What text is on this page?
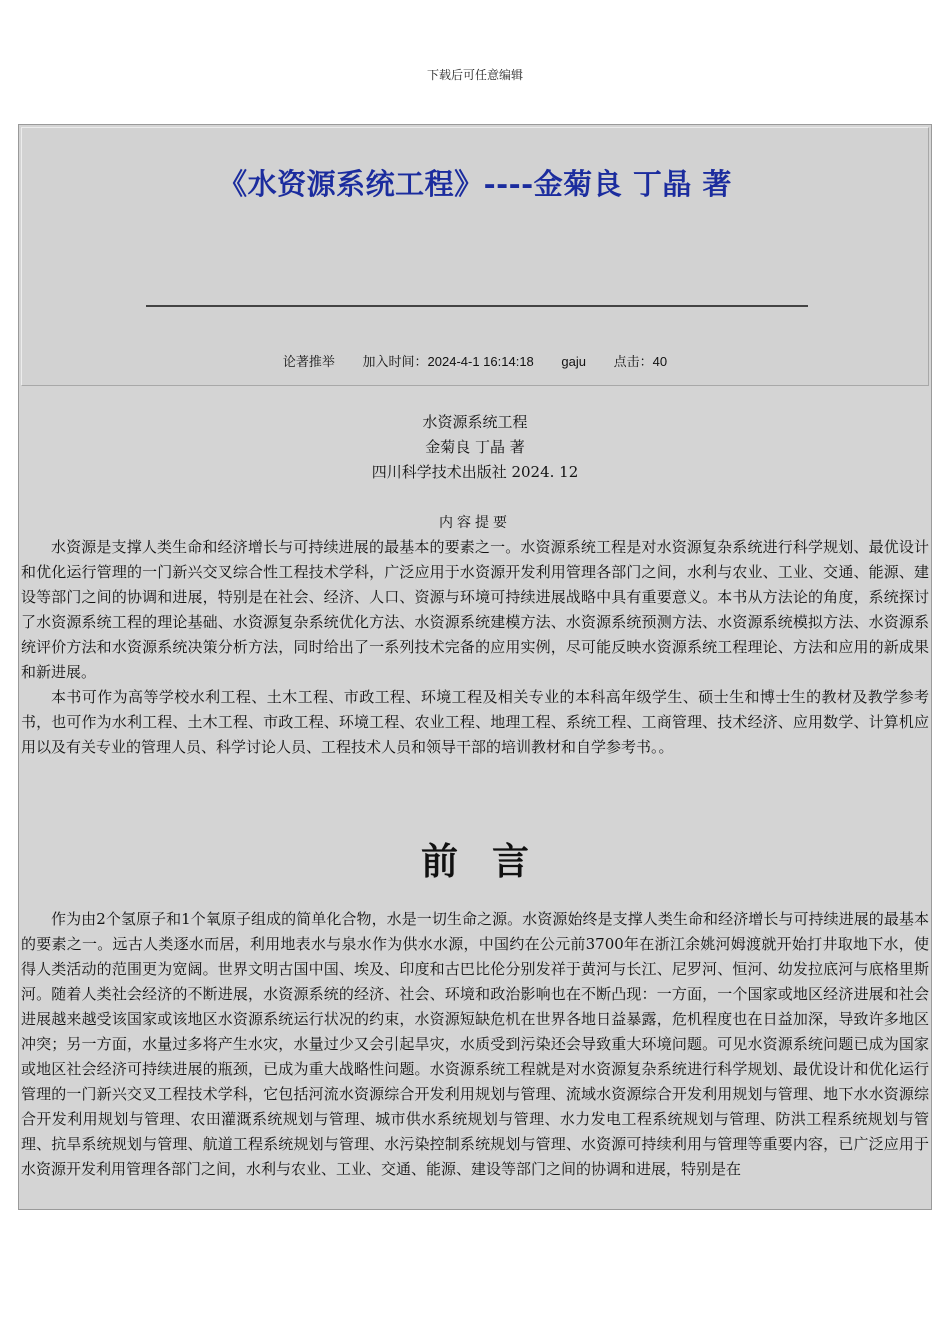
下载后可任意编辑
《水资源系统工程》----金菊良 丁晶 著
论著推举 加入时间：2024-4-1 16:14:18 gaju 点击：40
水资源系统工程
金菊良 丁晶 著
四川科学技术出版社 2024. 12
内容提要

水资源是支撑人类生命和经济增长与可持续进展的最基本的要素之一。水资源系统工程是对水资源复杂系统进行科学规划、最优设计和优化运行管理的一门新兴交叉综合性工程技术学科，广泛应用于水资源开发利用管理各部门之间，水利与农业、工业、交通、能源、建设等部门之间的协调和进展，特别是在社会、经济、人口、资源与环境可持续进展战略中具有重要意义。本书从方法论的角度，系统探讨了水资源系统工程的理论基础、水资源复杂系统优化方法、水资源系统建模方法、水资源系统预测方法、水资源系统模拟方法、水资源系统评价方法和水资源系统决策分析方法，同时给出了一系列技术完备的应用实例，尽可能反映水资源系统工程理论、方法和应用的新成果和新进展。

本书可作为高等学校水利工程、土木工程、市政工程、环境工程及相关专业的本科高年级学生、硕士生和博士生的教材及教学参考书，也可作为水利工程、土木工程、市政工程、环境工程、农业工程、地理工程、系统工程、工商管理、技术经济、应用数学、计算机应用以及有关专业的管理人员、科学讨论人员、工程技术人员和领导干部的培训教材和自学参考书。。

前言

作为由2个氢原子和1个氧原子组成的简单化合物，水是一切生命之源。水资源始终是支撑人类生命和经济增长与可持续进展的最基本的要素之一。远古人类逐水而居，利用地表水与泉水作为供水水源，中国约在公元前3700年在浙江余姚河姆渡就开始打井取地下水，使得人类活动的范围更为宽阔。世界文明古国中国、埃及、印度和古巴比伦分别发祥于黄河与长江、尼罗河、恒河、幼发拉底河与底格里斯河。随着人类社会经济的不断进展，水资源系统的经济、社会、环境和政治影响也在不断凸现：一方面，一个国家或地区经济进展和社会进展越来越受该国家或该地区水资源系统运行状况的约束，水资源短缺危机在世界各地日益暴露，危机程度也在日益加深，导致许多地区冲突；另一方面，水量过多将产生水灾，水量过少又会引起旱灾，水质受到污染还会导致重大环境问题。可见水资源系统问题已成为国家或地区社会经济可持续进展的瓶颈，已成为重大战略性问题。水资源系统工程就是对水资源复杂系统进行科学规划、最优设计和优化运行管理的一门新兴交叉工程技术学科，它包括河流水资源综合开发利用规划与管理、流域水资源综合开发利用规划与管理、地下水水资源综合开发利用规划与管理、农田灌溉系统规划与管理、城市供水系统规划与管理、水力发电工程系统规划与管理、防洪工程系统规划与管理、抗旱系统规划与管理、航道工程系统规划与管理、水污染控制系统规划与管理、水资源可持续利用与管理等重要内容，已广泛应用于水资源开发利用管理各部门之间，水利与农业、工业、交通、能源、建设等部门之间的协调和进展，特别是在
